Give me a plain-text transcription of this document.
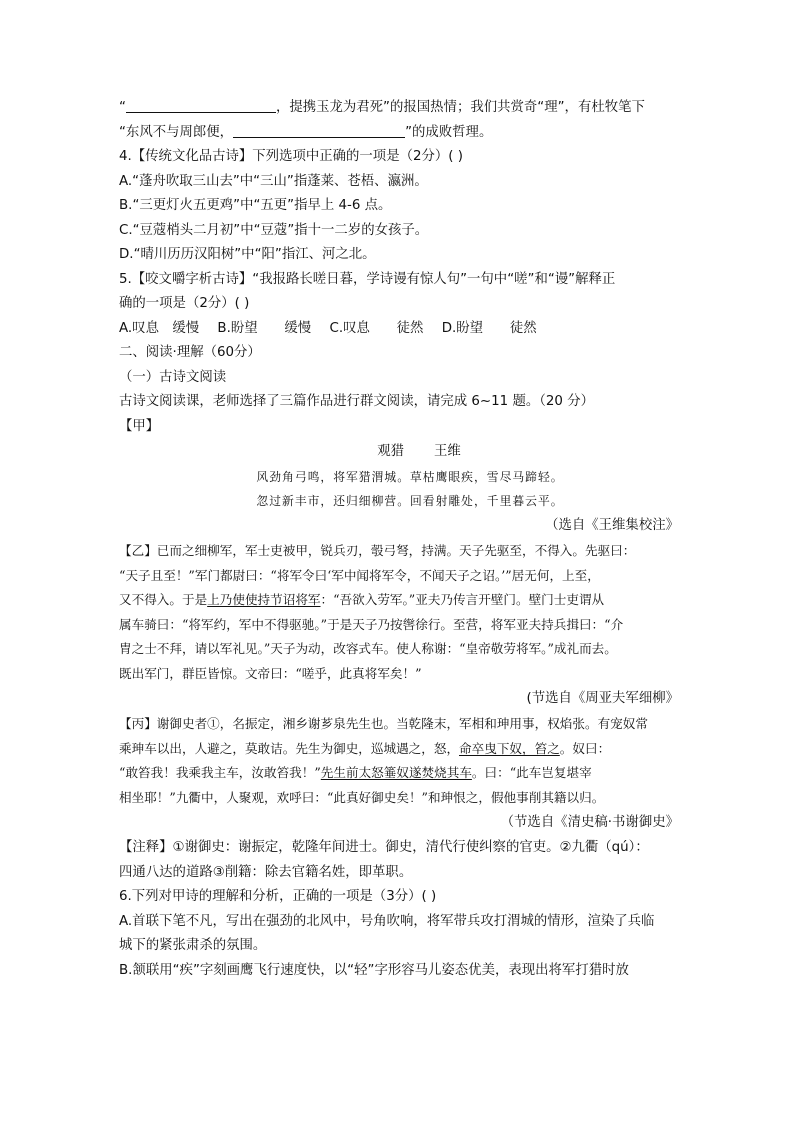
“	，提携玉龙为君死”的报国热情；我们共赏奇“理”，有杜牧笔下
“东风不与周郎便，	”的成败哲理。
4.【传统文化品古诗】下列选项中正确的一项是（2分）( )
A.“蓬舟吹取三山去”中“三山”指蓬莱、苍梧、瀛洲。
B.“三更灯火五更鸡”中“五更”指早上 4-6 点。
C.“豆蔻梢头二月初”中“豆蔻”指十一二岁的女孩子。
D.“晴川历历汉阳树”中“阳”指江、河之北。
5.【咬文嚼字析古诗】“我报路长嗟日暮，学诗谩有惊人句”一句中“嗟”和“谩”解释正
确的一项是（2分）( )
A.叹息　缓慢 B.盼望　　缓慢 C.叹息　　徒然 D.盼望　　徒然
二、阅读·理解（60分）
（一）古诗文阅读
古诗文阅读课，老师选择了三篇作品进行群文阅读，请完成 6~11 题。（20 分）
【甲】
观猎 王维
风劲角弓鸣，将军猎渭城。草枯鹰眼疾，雪尽马蹄轻。
忽过新丰市，还归细柳营。回看射雕处，千里暮云平。
（选自《王维集校注》
【乙】已而之细柳军，军士吏被甲，锐兵刃，彀弓弩，持满。天子先驱至，不得入。先驱曰：
“天子且至！”军门都尉曰：“将军令曰‘军中闻将军令，不闻天子之诏。’”居无何，上至，
又不得入。于是上乃使使持节诏将军：“吾欲入劳军。”亚夫乃传言开壁门。壁门士吏谓从
属车骑曰：“将军约，军中不得驱驰。”于是天子乃按辔徐行。至营，将军亚夫持兵揖曰：“介
胄之士不拜，请以军礼见。”天子为动，改容式车。使人称谢：“皇帝敬劳将军。”成礼而去。
既出军门，群臣皆惊。文帝曰：“嗟乎，此真将军矣！”
(节选自《周亚夫军细柳》
【丙】谢御史者①，名振定，湘乡谢芗泉先生也。当乾隆末，军相和珅用事，权焰张。有宠奴常
乘珅车以出，人避之，莫敢诘。先生为御史，巡城遇之，怒，命卒曳下奴，笞之。奴曰：
“敢笞我！我乘我主车，汝敢笞我！”先生前太怒箠奴遂焚烧其车。曰：“此车岂复堪宰
相坐耶！”九衢中，人聚观，欢呼曰：“此真好御史矣！”和珅恨之，假他事削其籍以归。
（节选自《清史稿·书谢御史》
【注释】①谢御史：谢振定，乾隆年间进士。御史，清代行使纠察的官吏。②九衢（qú）：
四通八达的道路③削籍：除去官籍名姓，即革职。
6.下列对甲诗的理解和分析，正确的一项是（3分）( )
A.首联下笔不凡，写出在强劲的北风中，号角吹响，将军带兵攻打渭城的情形，渲染了兵临
城下的紧张肃杀的氛围。
B.颔联用“疾”字刻画鹰飞行速度快，以“轻”字形容马儿姿态优美，表现出将军打猎时放
